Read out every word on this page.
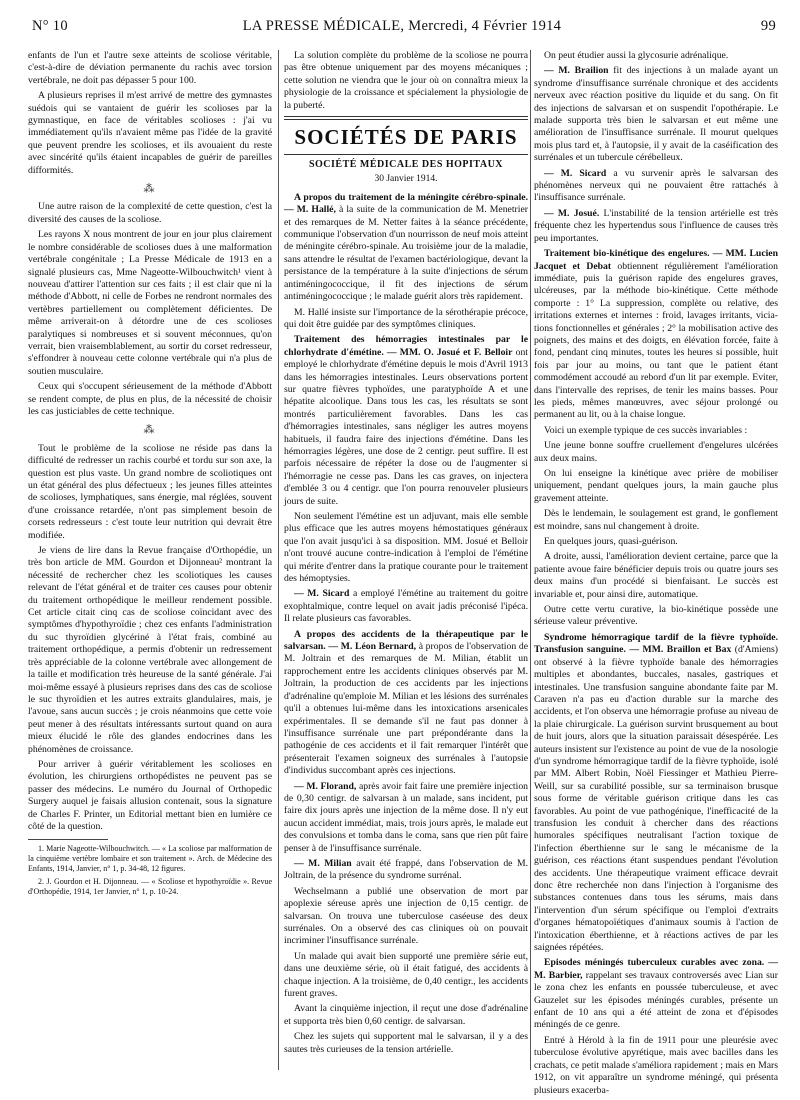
N° 10	LA PRESSE MÉDICALE, Mercredi, 4 Février 1914	99

enfants de l'un et l'autre sexe atteints de scoliose véritable, c'est-à-dire de déviation permanente du rachis avec torsion vertébrale, ne doit pas dépasser 5 pour 100.

A plusieurs reprises il m'est arrivé de mettre des gymnastes suédois qui se vantaient de guérir les scolioses par la gymnastique, en face de véritables scolioses : j'ai vu immédiatement qu'ils n'avaient même pas l'idée de la gravité que peuvent prendre les scolioses, et ils avouaient du reste avec sincérité qu'ils étaient incapables de guérir de pareilles difformités.

⁂

Une autre raison de la complexité de cette question, c'est la diversité des causes de la scoliose.

Les rayons X nous montrent de jour en jour plus clairement le nombre considérable de scolioses dues à une malformation vertébrale congénitale ; La Presse Médicale de 1913 en a signalé plusieurs cas, Mme Nageotte-Wilbouchwitch¹ vient à nouveau d'attirer l'attention sur ces faits ; il est clair que ni la méthode d'Abbott, ni celle de Forbes ne rendront normales des vertèbres partiellement ou complètement déficientes. De même arriverait-on à détordre une de ces scolioses paralytiques si nombreuses et si souvent méconnues, qu'on verrait, bien vraisemblablement, au sortir du corset redresseur, s'effondrer à nouveau cette colonne vertébrale qui n'a plus de soutien musculaire.

Ceux qui s'occupent sérieusement de la méthode d'Abbott se rendent compte, de plus en plus, de la nécessité de choisir les cas justiciables de cette technique.

⁂

Tout le problème de la scoliose ne réside pas dans la difficulté de redresser un rachis courbé et tordu sur son axe, la question est plus vaste. Un grand nombre de scoliotiques ont un état général des plus défectueux ; les jeunes filles atteintes de scolioses, lymphatiques, sans énergie, mal réglées, souvent d'une croissance retardée, n'ont pas simplement besoin de corsets redresseurs : c'est toute leur nutrition qui devrait être modifiée.

Je viens de lire dans la Revue française d'Orthopédie, un très bon article de MM. Gourdon et Dijonneau² montrant la nécessité de rechercher chez les scoliotiques les causes relevant de l'état général et de traiter ces causes pour obtenir du traitement orthopédique le meilleur rendement possible. Cet article citait cinq cas de scoliose coïncidant avec des symptômes d'hypothyroïdie ; chez ces enfants l'administration du suc thyroïdien glycériné à l'état frais, combiné au traitement orthopédique, a permis d'obtenir un redressement très appréciable de la colonne vertébrale avec allongement de la taille et modification très heureuse de la santé générale. J'ai moi-même essayé à plusieurs reprises dans des cas de scoliose le suc thyroïdien et les autres extraits glandulaires, mais, je l'avoue, sans aucun succès ; je crois néanmoins que cette voie peut mener à des résultats intéressants surtout quand on aura mieux élucidé le rôle des glandes endocrines dans les phénomènes de croissance.

Pour arriver à guérir véritablement les scolioses en évolution, les chirurgiens orthopédistes ne peuvent pas se passer des médecins. Le numéro du Journal of Orthopedic Surgery auquel je faisais allusion contenait, sous la signature de Charles F. Printer, un Editorial mettant bien en lumière ce côté de la question.

1. Marie Nageotte-Wilbouchwitch. — « La scoliose par malformation de la cinquième vertèbre lombaire et son traitement ». Arch. de Médecine des Enfants, 1914, Janvier, n° 1, p. 34-48, 12 figures.

2. J. Gourdon et H. Dijonneau. — « Scoliose et hypothyroïdie ». Revue d'Orthopédie, 1914, 1er Janvier, n° 1, p. 10-24.

La solution complète du problème de la scoliose ne pourra pas être obtenue uniquement par des moyens mécaniques ; cette solution ne viendra que le jour où on connaîtra mieux la physiologie de la croissance et spécialement la physiologie de la puberté.

SOCIÉTÉS DE PARIS
SOCIÉTÉ MÉDICALE DES HOPITAUX
30 Janvier 1914.

A propos du traitement de la méningite cérébro-spinale. — M. Hallé, à la suite de la communication de M. Menetrier et des remarques de M. Netter faites à la séance précédente, communique l'observation d'un nourrisson de neuf mois atteint de méningite cérébro-spinale. Au troisième jour de la maladie, sans attendre le résultat de l'examen bactériologique, devant la persistance de la température à la suite d'injections de sérum antiméningococcique, il fit des injections de sérum antiméningococcique ; le malade guérit alors très rapidement.

M. Hallé insiste sur l'importance de la sérothérapie précoce, qui doit être guidée par des symptômes cliniques.

Traitement des hémorragies intestinales par le chlorhydrate d'émétine. — MM. O. Josué et F. Belloir ont employé le chlorhydrate d'émétine depuis le mois d'Avril 1913 dans les hémorragies intestinales. Leurs observations portent sur quatre fièvres typhoïdes, une paratyphoïde A et une hépatite alcoolique. Dans tous les cas, les résultats se sont montrés particulièrement favorables. Dans les cas d'hémorragies intestinales, sans négliger les autres moyens habituels, il faudra faire des injections d'émétine. Dans les hémorragies légères, une dose de 2 centigr. peut suffire. Il est parfois nécessaire de répéter la dose ou de l'augmenter si l'hémorragie ne cesse pas. Dans les cas graves, on injectera d'emblée 3 ou 4 centigr. que l'on pourra renouveler plusieurs jours de suite.

Non seulement l'émétine est un adjuvant, mais elle semble plus efficace que les autres moyens hémostatiques généraux que l'on avait jusqu'ici à sa disposition. MM. Josué et Belloir n'ont trouvé aucune contre-indication à l'emploi de l'émétine qui mérite d'entrer dans la pratique courante pour le traitement des hémoptysies.

— M. Sicard a employé l'émétine au traitement du goitre exophtalmique, contre lequel on avait jadis préconisé l'ipéca. Il relate plusieurs cas favorables.

A propos des accidents de la thérapeutique par le salvarsan. — M. Léon Bernard, à propos de l'observation de M. Joltrain et des remarques de M. Milian, établit un rapprochement entre les accidents cliniques observés par M. Joltrain, la production de ces accidents par les injections d'adrénaline qu'emploie M. Milian et les lésions des surrénales qu'il a obtenues lui-même dans les intoxications arsenicales expérimentales. Il se demande s'il ne faut pas donner à l'insuffisance surrénale une part prépondérante dans la pathogénie de ces accidents et il fait remarquer l'intérêt que présenterait l'examen soigneux des surrénales à l'autopsie d'individus succombant après ces injections.

— M. Florand, après avoir fait faire une première injection de 0,30 centigr. de salvarsan à un malade, sans incident, put faire dix jours après une injection de la même dose. Il n'y eut aucun accident immédiat, mais, trois jours après, le malade eut des convulsions et tomba dans le coma, sans que rien pût faire penser à de l'insuffisance surrénale.

— M. Milian avait été frappé, dans l'observation de M. Joltrain, de la présence du syndrome surrénal.

Wechselmann a publié une observation de mort par apoplexie séreuse après une injection de 0,15 centigr. de salvarsan. On trouva une tuberculose caséeuse des deux surrénales. On a observé des cas cliniques où on pouvait incriminer l'insuffisance surrénale.

Un malade qui avait bien supporté une première série eut, dans une deuxième série, où il était fatigué, des accidents à chaque injection. A la troisième, de 0,40 centigr., les accidents furent graves.

Avant la cinquième injection, il reçut une dose d'adrénaline et supporta très bien 0,60 centigr. de salvarsan.

Chez les sujets qui supportent mal le salvarsan, il y a des sautes très curieuses de la tension artérielle.

On peut étudier aussi la glycosurie adrénalique.

— M. Brailion fit des injections à un malade ayant un syndrome d'insuffisance surrénale chronique et des accidents nerveux avec réaction positive du liquide et du sang. On fit des injections de salvarsan et on suspendit l'opothérapie. Le malade supporta très bien le salvarsan et eut même une amélioration de l'insuffisance surrénale. Il mourut quelques mois plus tard et, à l'autopsie, il y avait de la caséification des surrénales et un tubercule cérébelleux.

— M. Sicard a vu survenir après le salvarsan des phénomènes nerveux qui ne pouvaient être rattachés à l'insuffisance surrénale.

— M. Josué. L'instabilité de la tension artérielle est très fréquente chez les hypertendus sous l'influence de causes très peu importantes.

Traitement bio-kinétique des engelures. — MM. Lucien Jacquet et Debat obtiennent régulièrement l'amélioration immédiate, puis la guérison rapide des engelures graves, ulcéreuses, par la méthode bio-kinétique. Cette méthode comporte : 1° La suppression, complète ou relative, des irritations externes et internes : froid, lavages irritants, vicia-tions fonctionnelles et générales ; 2° la mobilisation active des poignets, des mains et des doigts, en élévation forcée, faite à fond, pendant cinq minutes, toutes les heures si possible, huit fois par jour au moins, ou tant que le patient étant commodément accoudé au rebord d'un lit par exemple. Eviter, dans l'intervalle des reprises, de tenir les mains basses. Pour les pieds, mêmes manœuvres, avec séjour prolongé ou permanent au lit, ou à la chaise longue.

Voici un exemple typique de ces succès invariables :

Une jeune bonne souffre cruellement d'engelures ulcérées aux deux mains.

On lui enseigne la kinétique avec prière de mobiliser uniquement, pendant quelques jours, la main gauche plus gravement atteinte.

Dès le lendemain, le soulagement est grand, le gonflement est moindre, sans nul changement à droite.

En quelques jours, quasi-guérison.

A droite, aussi, l'amélioration devient certaine, parce que la patiente avoue faire bénéficier depuis trois ou quatre jours ses deux mains d'un procédé si bienfaisant. Le succès est invariable et, pour ainsi dire, automatique.

Outre cette vertu curative, la bio-kinétique possède une sérieuse valeur préventive.

Syndrome hémorragique tardif de la fièvre typhoïde. Transfusion sanguine. — MM. Braillon et Bax (d'Amiens) ont observé à la fièvre typhoïde banale des hémorragies multiples et abondantes, buccales, nasales, gastriques et intestinales. Une transfusion sanguine abondante faite par M. Caraven n'a pas eu d'action durable sur la marche des accidents, et l'on observa une hémorragie profuse au niveau de la plaie chirurgicale. La guérison survint brusquement au bout de huit jours, alors que la situation paraissait désespérée. Les auteurs insistent sur l'existence au point de vue de la nosologie d'un syndrome hémorragique tardif de la fièvre typhoïde, isolé par MM. Albert Robin, Noël Fiessinger et Mathieu Pierre-Weill, sur sa curabilité possible, sur sa terminaison brusque sous forme de véritable guérison critique dans les cas favorables. Au point de vue pathogénique, l'inefficacité de la transfusion les conduit à chercher dans des réactions humorales spécifiques neutralisant l'action toxique de l'infection éberthienne sur le sang le mécanisme de la guérison, ces réactions étant suspendues pendant l'évolution des accidents. Une thérapeutique vraiment efficace devrait donc être recherchée non dans l'injection à l'organisme des substances contenues dans tous les sérums, mais dans l'intervention d'un sérum spécifique ou l'emploi d'extraits d'organes hématopoïétiques d'animaux soumis à l'action de l'intoxication éberthienne, et à réactions actives de par les saignées répétées.

Episodes méningés tuberculeux curables avec zona. — M. Barbier, rappelant ses travaux controversés avec Lian sur le zona chez les enfants en poussée tuberculeuse, et avec Gauzelet sur les épisodes méningés curables, présente un enfant de 10 ans qui a été atteint de zona et d'épisodes méningés de ce genre.

Entré à Hérold à la fin de 1911 pour une pleurésie avec tuberculose évolutive apyrétique, mais avec bacilles dans les crachats, ce petit malade s'améliora rapidement ; mais en Mars 1912, on vit apparaître un syndrome méningé, qui présenta plusieurs exacerba-
